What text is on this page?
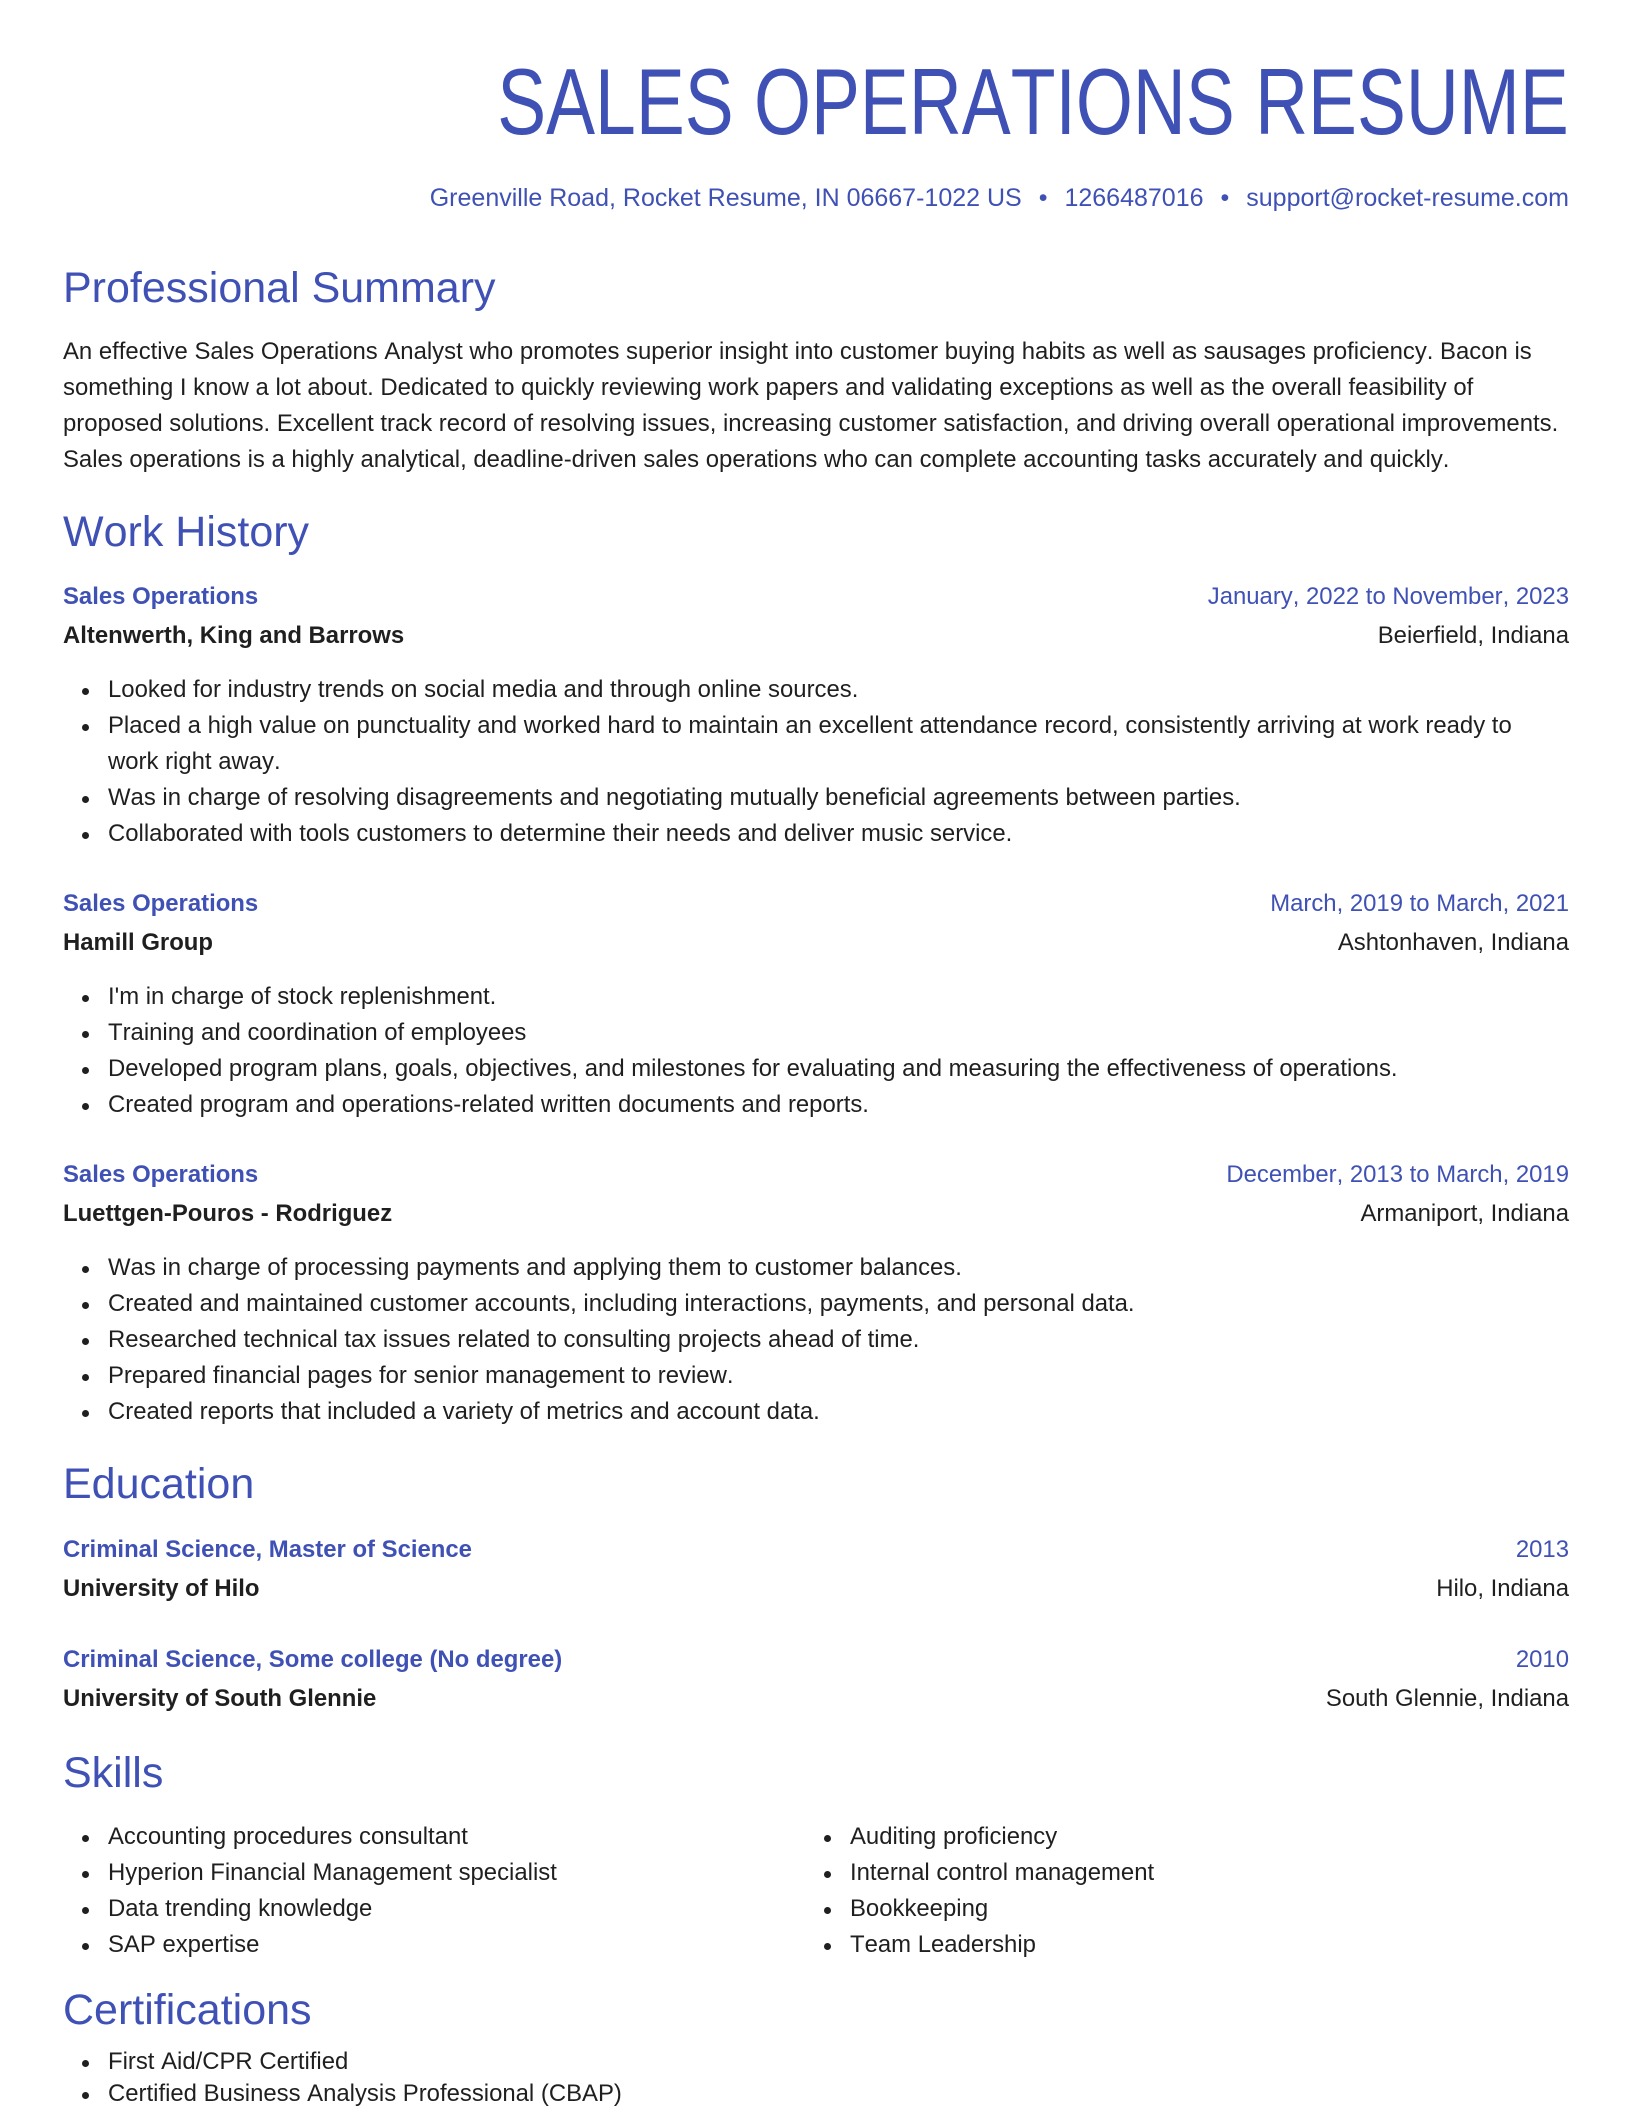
SALES OPERATIONS RESUME
Greenville Road, Rocket Resume, IN 06667-1022 US • 1266487016 • support@rocket-resume.com
Professional Summary

An effective Sales Operations Analyst who promotes superior insight into customer buying habits as well as sausages proficiency. Bacon is something I know a lot about. Dedicated to quickly reviewing work papers and validating exceptions as well as the overall feasibility of proposed solutions. Excellent track record of resolving issues, increasing customer satisfaction, and driving overall operational improvements. Sales operations is a highly analytical, deadline-driven sales operations who can complete accounting tasks accurately and quickly.

Work History
Sales Operations	January, 2022 to November, 2023
Altenwerth, King and Barrows	Beierfield, Indiana
Looked for industry trends on social media and through online sources.
Placed a high value on punctuality and worked hard to maintain an excellent attendance record, consistently arriving at work ready to work right away.
Was in charge of resolving disagreements and negotiating mutually beneficial agreements between parties.
Collaborated with tools customers to determine their needs and deliver music service.
Sales Operations	March, 2019 to March, 2021
Hamill Group	Ashtonhaven, Indiana
I'm in charge of stock replenishment.
Training and coordination of employees
Developed program plans, goals, objectives, and milestones for evaluating and measuring the effectiveness of operations.
Created program and operations-related written documents and reports.
Sales Operations	December, 2013 to March, 2019
Luettgen-Pouros - Rodriguez	Armaniport, Indiana
Was in charge of processing payments and applying them to customer balances.
Created and maintained customer accounts, including interactions, payments, and personal data.
Researched technical tax issues related to consulting projects ahead of time.
Prepared financial pages for senior management to review.
Created reports that included a variety of metrics and account data.
Education
Criminal Science, Master of Science	2013
University of Hilo	Hilo, Indiana
Criminal Science, Some college (No degree)	2010
University of South Glennie	South Glennie, Indiana
Skills
Accounting procedures consultant
Hyperion Financial Management specialist
Data trending knowledge
SAP expertise
Auditing proficiency
Internal control management
Bookkeeping
Team Leadership
Certifications
First Aid/CPR Certified
Certified Business Analysis Professional (CBAP)
